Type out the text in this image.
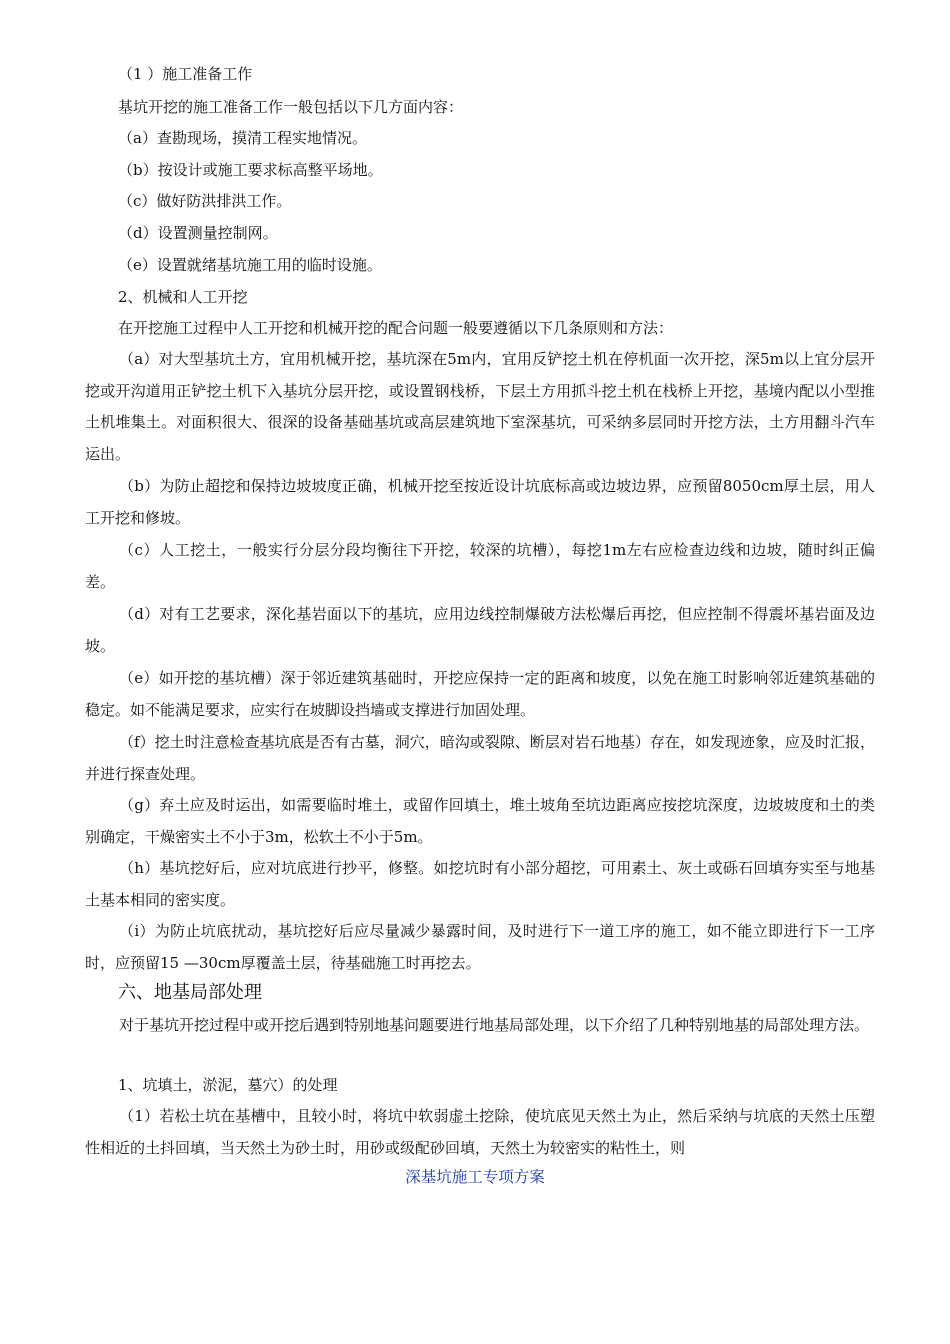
（1 ）施工准备工作

基坑开挖的施工准备工作一般包括以下几方面内容：

（a）查勘现场，摸清工程实地情况。

（b）按设计或施工要求标高整平场地。

（c）做好防洪排洪工作。

（d）设置测量控制网。

（e）设置就绪基坑施工用的临时设施。

2、机械和人工开挖

在开挖施工过程中人工开挖和机械开挖的配合问题一般要遵循以下几条原则和方法：

（a）对大型基坑土方，宜用机械开挖，基坑深在5m内，宜用反铲挖土机在停机面一次开挖，深5m以上宜分层开挖或开沟道用正铲挖土机下入基坑分层开挖，或设置钢栈桥，下层土方用抓斗挖土机在栈桥上开挖，基境内配以小型推土机堆集土。对面积很大、很深的设备基础基坑或高层建筑地下室深基坑，可采纳多层同时开挖方法，土方用翻斗汽车运出。

（b）为防止超挖和保持边坡坡度正确，机械开挖至按近设计坑底标高或边坡边界，应预留8050cm厚土层，用人工开挖和修坡。

（c）人工挖土，一般实行分层分段均衡往下开挖，较深的坑槽），每挖1m左右应检查边线和边坡，随时纠正偏差。

（d）对有工艺要求，深化基岩面以下的基坑，应用边线控制爆破方法松爆后再挖，但应控制不得震坏基岩面及边坡。

（e）如开挖的基坑槽）深于邻近建筑基础时，开挖应保持一定的距离和坡度，以免在施工时影响邻近建筑基础的稳定。如不能满足要求，应实行在坡脚设挡墙或支撑进行加固处理。

（f）挖土时注意检查基坑底是否有古墓，洞穴，暗沟或裂隙、断层对岩石地基）存在，如发现迹象，应及时汇报，并进行探查处理。

（g）弃土应及时运出，如需要临时堆土，或留作回填土，堆土坡角至坑边距离应按挖坑深度，边坡坡度和土的类别确定，干燥密实土不小于3m，松软土不小于5m。

（h）基坑挖好后，应对坑底进行抄平，修整。如挖坑时有小部分超挖，可用素土、灰土或砾石回填夯实至与地基土基本相同的密实度。

（i）为防止坑底扰动，基坑挖好后应尽量减少暴露时间，及时进行下一道工序的施工，如不能立即进行下一工序时，应预留15 —30cm厚覆盖土层，待基础施工时再挖去。

六、地基局部处理

对于基坑开挖过程中或开挖后遇到特别地基问题要进行地基局部处理，以下介绍了几种特别地基的局部处理方法。

1、坑填土，淤泥，墓穴）的处理

（1）若松土坑在基槽中，且较小时，将坑中软弱虚土挖除，使坑底见天然土为止，然后采纳与坑底的天然土压塑性相近的土抖回填，当天然土为砂土时，用砂或级配砂回填，天然土为较密实的粘性土，则

深基坑施工专项方案
